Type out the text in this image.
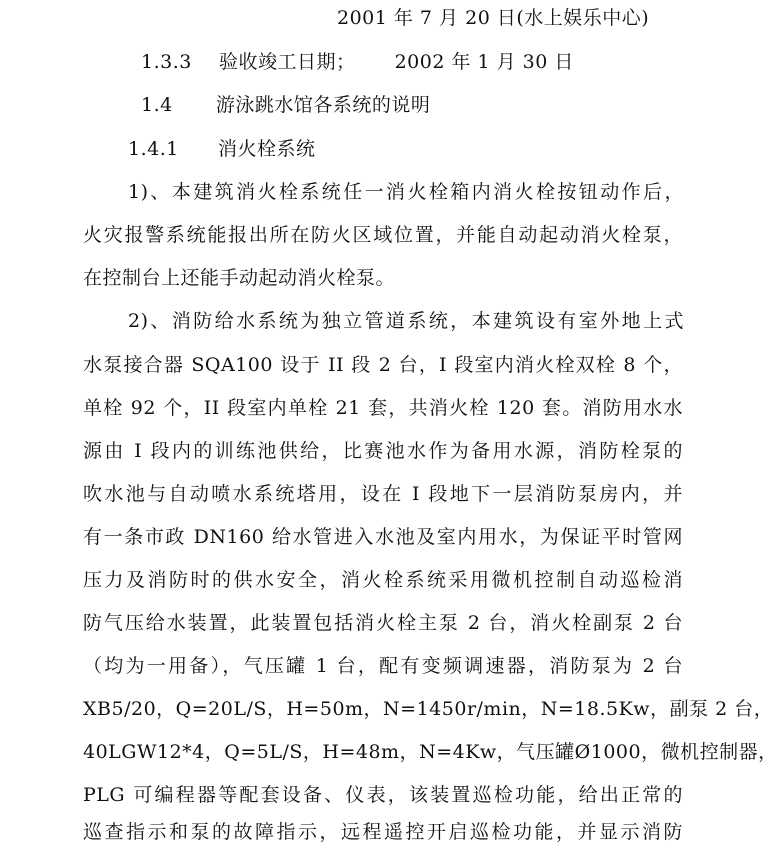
2001 年 7 月 20 日(水上娱乐中心)
1.3.3 验收竣工日期； 2002 年 1 月 30 日
1.4 游泳跳水馆各系统的说明
1.4.1 消火栓系统
1)、本建筑消火栓系统任一消火栓箱内消火栓按钮动作后，
火灾报警系统能报出所在防火区域位置，并能自动起动消火栓泵，
在控制台上还能手动起动消火栓泵。
2)、消防给水系统为独立管道系统，本建筑设有室外地上式
水泵接合器 SQA100 设于 II 段 2 台，I 段室内消火栓双栓 8 个，
单栓 92 个，II 段室内单栓 21 套，共消火栓 120 套。消防用水水
源由 I 段内的训练池供给，比赛池水作为备用水源，消防栓泵的
吹水池与自动喷水系统塔用，设在 I 段地下一层消防泵房内，并
有一条市政 DN160 给水管进入水池及室内用水，为保证平时管网
压力及消防时的供水安全，消火栓系统采用微机控制自动巡检消
防气压给水装置，此装置包括消火栓主泵 2 台，消火栓副泵 2 台
（均为一用备），气压罐 1 台，配有变频调速器，消防泵为 2 台
XB5/20，Q=20L/S，H=50m，N=1450r/min，N=18.5Kw，副泵 2 台，
40LGW12*4，Q=5L/S，H=48m，N=4Kw，气压罐Ø1000，微机控制器，
PLG 可编程器等配套设备、仪表，该装置巡检功能，给出正常的
巡查指示和泵的故障指示，远程遥控开启巡检功能，并显示消防
